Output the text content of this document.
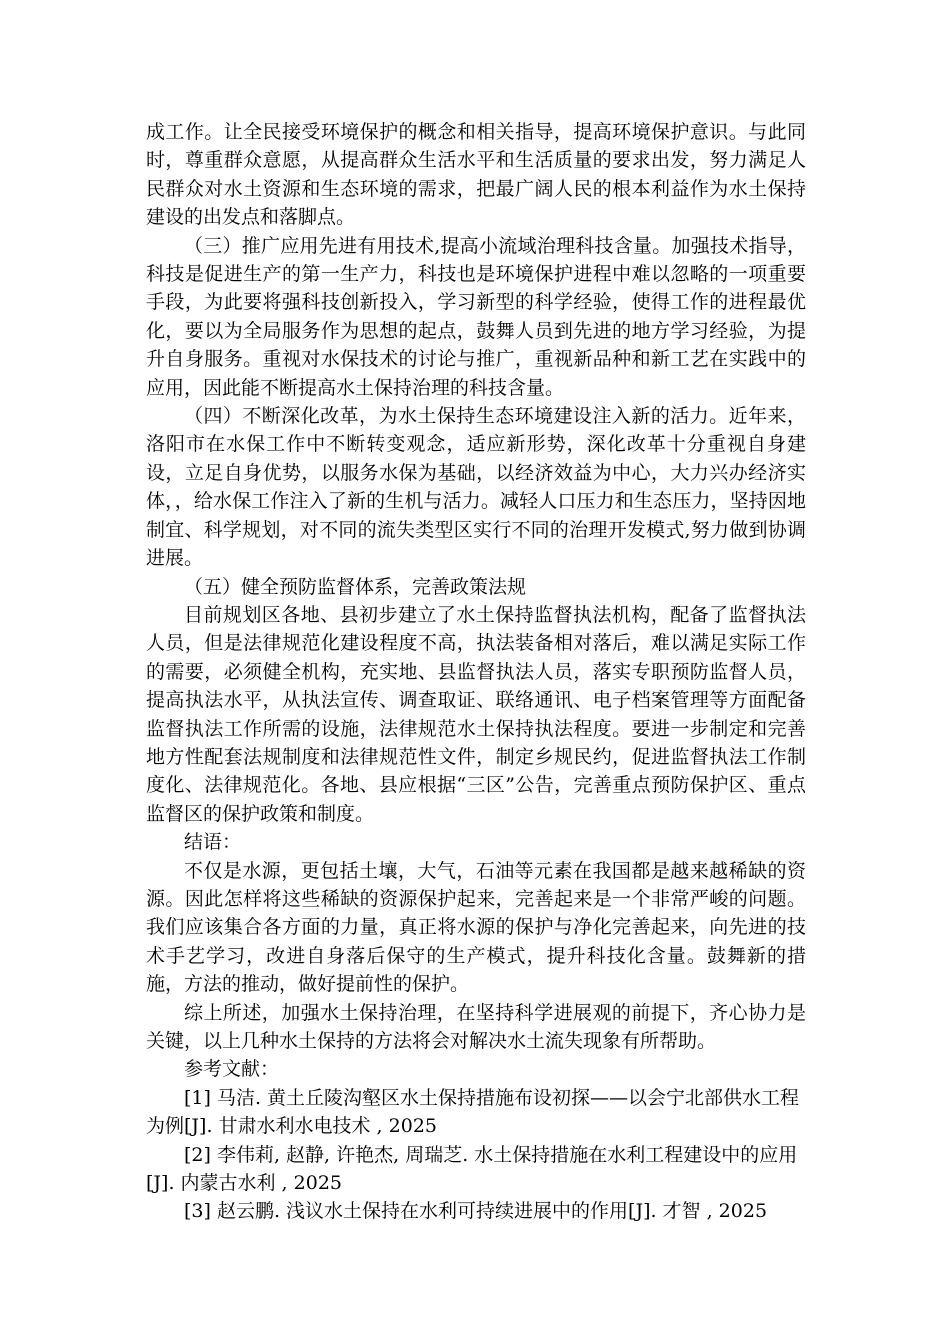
成工作。让全民接受环境保护的概念和相关指导，提高环境保护意识。与此同时，尊重群众意愿，从提高群众生活水平和生活质量的要求出发，努力满足人民群众对水土资源和生态环境的需求，把最广阔人民的根本利益作为水土保持建设的出发点和落脚点。

（三）推广应用先进有用技术,提高小流域治理科技含量。加强技术指导，科技是促进生产的第一生产力，科技也是环境保护进程中难以忽略的一项重要手段，为此要将强科技创新投入，学习新型的科学经验，使得工作的进程最优化，要以为全局服务作为思想的起点，鼓舞人员到先进的地方学习经验，为提升自身服务。重视对水保技术的讨论与推广，重视新品种和新工艺在实践中的应用，因此能不断提高水土保持治理的科技含量。

（四）不断深化改革，为水土保持生态环境建设注入新的活力。近年来，洛阳市在水保工作中不断转变观念，适应新形势，深化改革十分重视自身建设，立足自身优势，以服务水保为基础，以经济效益为中心，大力兴办经济实体，，给水保工作注入了新的生机与活力。减轻人口压力和生态压力，坚持因地制宜、科学规划，对不同的流失类型区实行不同的治理开发模式,努力做到协调进展。

（五）健全预防监督体系，完善政策法规

目前规划区各地、县初步建立了水土保持监督执法机构，配备了监督执法人员，但是法律规范化建设程度不高，执法装备相对落后，难以满足实际工作的需要，必须健全机构，充实地、县监督执法人员，落实专职预防监督人员，提高执法水平，从执法宣传、调查取证、联络通讯、电子档案管理等方面配备监督执法工作所需的设施，法律规范水土保持执法程度。要进一步制定和完善地方性配套法规制度和法律规范性文件，制定乡规民约，促进监督执法工作制度化、法律规范化。各地、县应根据“三区”公告，完善重点预防保护区、重点监督区的保护政策和制度。

结语：

不仅是水源，更包括土壤，大气，石油等元素在我国都是越来越稀缺的资源。因此怎样将这些稀缺的资源保护起来，完善起来是一个非常严峻的问题。我们应该集合各方面的力量，真正将水源的保护与净化完善起来，向先进的技术手艺学习，改进自身落后保守的生产模式，提升科技化含量。鼓舞新的措施，方法的推动，做好提前性的保护。

综上所述，加强水土保持治理，在坚持科学进展观的前提下，齐心协力是关键，以上几种水土保持的方法将会对解决水土流失现象有所帮助。

参考文献：

[1] 马洁. 黄土丘陵沟壑区水土保持措施布设初探——以会宁北部供水工程为例[J]. 甘肃水利水电技术 , 2025

[2] 李伟莉, 赵静, 许艳杰, 周瑞芝. 水土保持措施在水利工程建设中的应用[J]. 内蒙古水利 , 2025

[3] 赵云鹏. 浅议水土保持在水利可持续进展中的作用[J]. 才智 , 2025
